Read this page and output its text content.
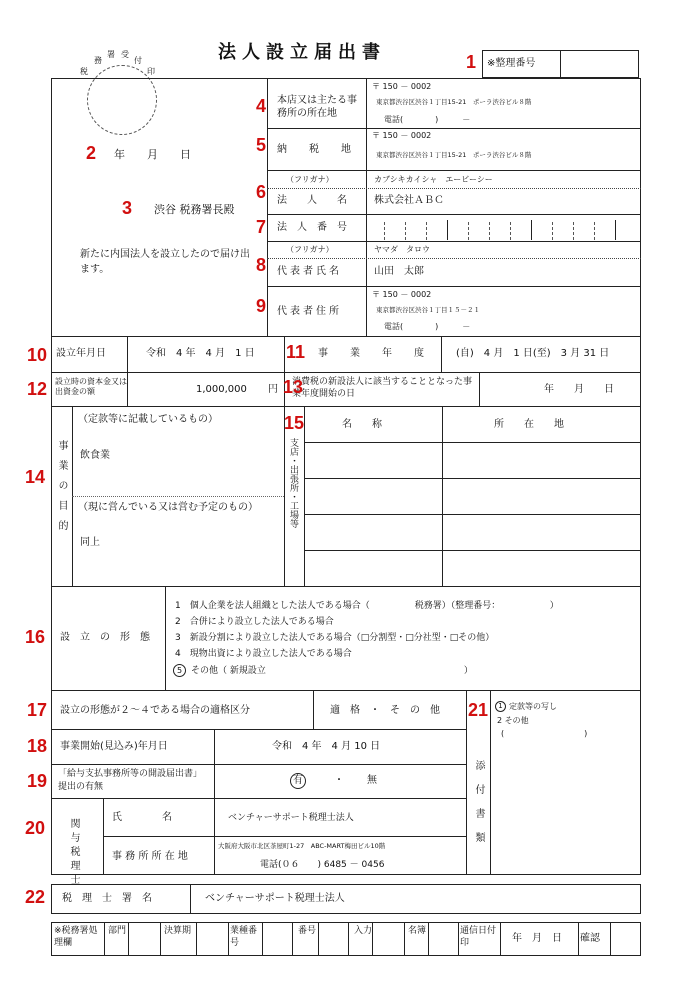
税
務
署 受
付
印
法人設立届出書
※整理番号
年　　月　　日
渋谷 税務署長殿
新たに内国法人を設立したので届け出ます。
本店又は主たる事務所の所在地
〒 150 － 0002
東京都渋谷区渋谷１丁目15-21　ポーラ渋谷ビル８階
電話(　　　　)　　　－
納　税　地
〒 150 － 0002
東京都渋谷区渋谷１丁目15-21　ポーラ渋谷ビル８階
（フリガナ）	カブシキカイシャ　エービーシー
法　　人　　名	株式会社ＡＢＣ
法　人　番　号
（フリガナ）	ヤマダ　タロウ
代表者氏名	山田　太郎
代表者住所
〒 150 － 0002
東京都渋谷区渋谷１丁目１５－２１
電話(　　　　)　　　－
設立年月日	令和　4 年　4 月　1 日	事　業　年　度	(自)　4 月　1 日(至)　3 月 31 日
設立時の資本金又は出資金の額	1,000,000 円
消費税の新設法人に該当することとなった事業年度開始の日	年　　月　　日
事業の目的
（定款等に記載しているもの）
飲食業
（現に営んでいる又は営む予定のもの）
同上
支店・出張所・工場等
名　　称	所　　在　　地
設　立　の　形　態
1　個人企業を法人組織とした法人である場合（　　　　　税務署）（整理番号：　　　　　　）
2　合併により設立した法人である場合
3　新設分割により設立した法人である場合（□分割型・□分社型・□その他）
4　現物出資により設立した法人である場合
5 その他（ 新規設立　　　　　　　　　　　　　　　　　　　　　　）
設立の形態が２～４である場合の適格区分	適　格　・　そ　の　他
事業開始(見込み)年月日	令和　4 年　4 月 10 日
「給与支払事務所等の開設届出書」提出の有無
有	・ 無
関与税理士
氏　　　　名	ベンチャーサポート税理士法人
事 務 所 所 在 地
大阪府大阪市北区茶屋町1-27　ABC-MART梅田ビル10階
電話(０６　　) 6485 － 0456
添付書類
1 定款等の写し
2 その他
(　　　　　　　　　　)
税　理　士　署　名	ベンチャーサポート税理士法人
※税務署処理欄
部門	決算期	業種番号
番号	入力	名簿	通信日付印	年　月　日 確認
1
2
3
4
5
6
7
8
9
10	11
12	13
14
15
16
17
18
19
20
21
22
